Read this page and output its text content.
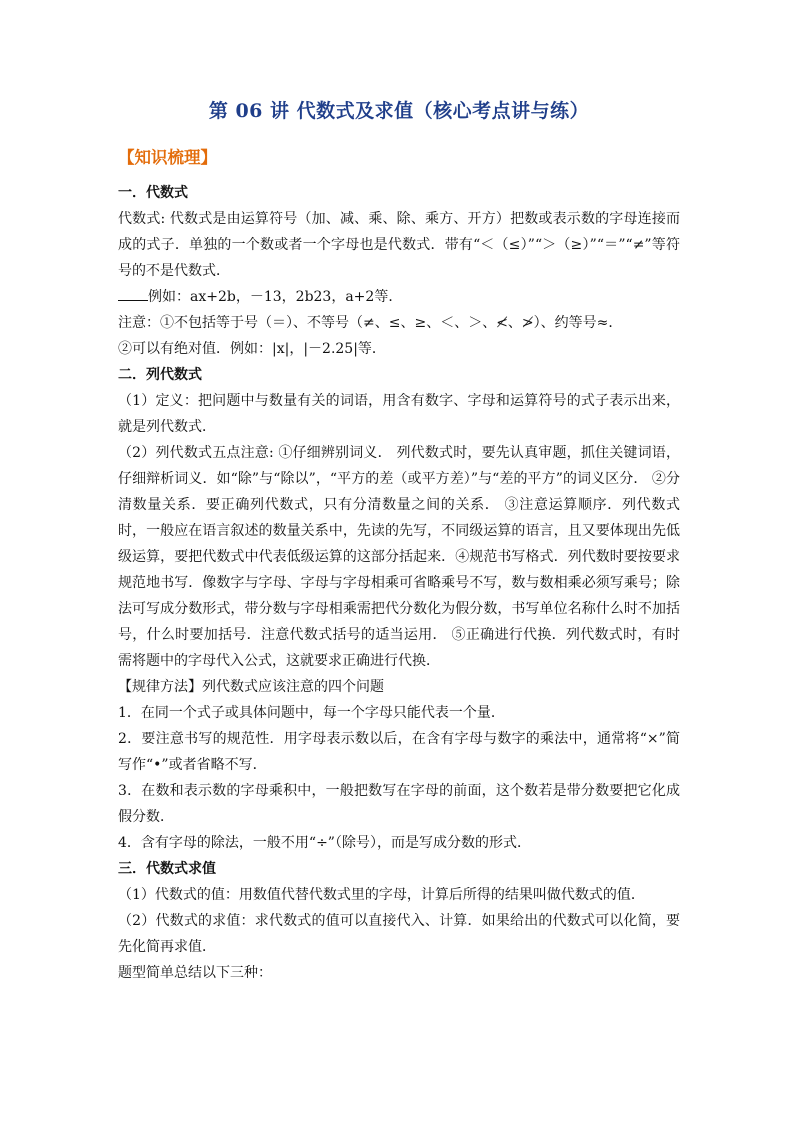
第 06 讲 代数式及求值（核心考点讲与练）
【知识梳理】
一．代数式

代数式: 代数式是由运算符号（加、减、乘、除、乘方、开方）把数或表示数的字母连接而成的式子．单独的一个数或者一个字母也是代数式．带有“＜（≤）”“＞（≥）”“＝”“≠”等符号的不是代数式．

例如：ax+2b，－13，2b23，a+2等．

注意：①不包括等于号（＝）、不等号（≠、≤、≥、＜、＞、≮、≯）、约等号≈．

②可以有绝对值．例如：|x|，|－2.25|等．

二．列代数式

（1）定义：把问题中与数量有关的词语，用含有数字、字母和运算符号的式子表示出来，就是列代数式．

（2）列代数式五点注意: ①仔细辨别词义． 列代数式时，要先认真审题，抓住关键词语，仔细辩析词义．如“除”与“除以”，“平方的差（或平方差）”与“差的平方”的词义区分． ②分清数量关系．要正确列代数式，只有分清数量之间的关系． ③注意运算顺序．列代数式时，一般应在语言叙述的数量关系中，先读的先写，不同级运算的语言，且又要体现出先低级运算，要把代数式中代表低级运算的这部分括起来．④规范书写格式．列代数时要按要求规范地书写．像数字与字母、字母与字母相乘可省略乘号不写，数与数相乘必须写乘号；除法可写成分数形式，带分数与字母相乘需把代分数化为假分数，书写单位名称什么时不加括号，什么时要加括号．注意代数式括号的适当运用． ⑤正确进行代换．列代数式时，有时需将题中的字母代入公式，这就要求正确进行代换．

【规律方法】列代数式应该注意的四个问题

1．在同一个式子或具体问题中，每一个字母只能代表一个量．

2．要注意书写的规范性．用字母表示数以后，在含有字母与数字的乘法中，通常将“×”简写作“•”或者省略不写．

3．在数和表示数的字母乘积中，一般把数写在字母的前面，这个数若是带分数要把它化成假分数．

4．含有字母的除法，一般不用“÷”（除号），而是写成分数的形式．

三．代数式求值

（1）代数式的值：用数值代替代数式里的字母，计算后所得的结果叫做代数式的值．

（2）代数式的求值：求代数式的值可以直接代入、计算．如果给出的代数式可以化简，要先化简再求值．

题型简单总结以下三种：
